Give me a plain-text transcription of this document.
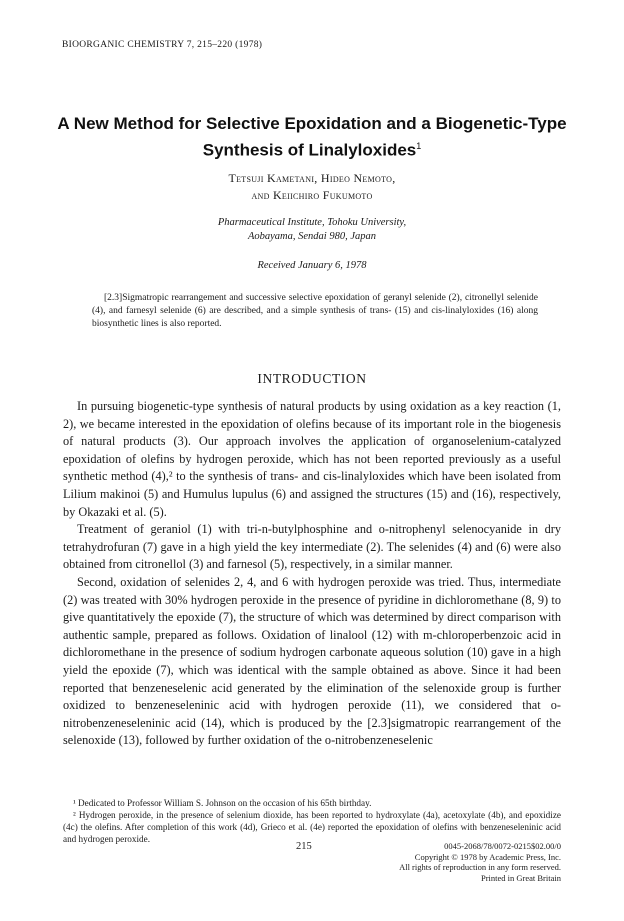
BIOORGANIC CHEMISTRY 7, 215–220 (1978)
A New Method for Selective Epoxidation and a Biogenetic-Type Synthesis of Linalyloxides$^1$
Tetsuji Kametani, Hideo Nemoto,
and Keiichiro Fukumoto
Pharmaceutical Institute, Tohoku University,
Aobayama, Sendai 980, Japan
Received January 6, 1978
[2.3]Sigmatropic rearrangement and successive selective epoxidation of geranyl selenide (2), citronellyl selenide (4), and farnesyl selenide (6) are described, and a simple synthesis of trans- (15) and cis-linalyloxides (16) along biosynthetic lines is also reported.
INTRODUCTION

In pursuing biogenetic-type synthesis of natural products by using oxidation as a key reaction (1, 2), we became interested in the epoxidation of olefins because of its important role in the biogenesis of natural products (3). Our approach involves the application of organoselenium-catalyzed epoxidation of olefins by hydrogen peroxide, which has not been reported previously as a useful synthetic method (4),² to the synthesis of trans- and cis-linalyloxides which have been isolated from Lilium makinoi (5) and Humulus lupulus (6) and assigned the structures (15) and (16), respectively, by Okazaki et al. (5).

Treatment of geraniol (1) with tri-n-butylphosphine and o-nitrophenyl selenocyanide in dry tetrahydrofuran (7) gave in a high yield the key intermediate (2). The selenides (4) and (6) were also obtained from citronellol (3) and farnesol (5), respectively, in a similar manner.

Second, oxidation of selenides 2, 4, and 6 with hydrogen peroxide was tried. Thus, intermediate (2) was treated with 30% hydrogen peroxide in the presence of pyridine in dichloromethane (8, 9) to give quantitatively the epoxide (7), the structure of which was determined by direct comparison with authentic sample, prepared as follows. Oxidation of linalool (12) with m-chloroperbenzoic acid in dichloromethane in the presence of sodium hydrogen carbonate aqueous solution (10) gave in a high yield the epoxide (7), which was identical with the sample obtained as above. Since it had been reported that benzeneselenic acid generated by the elimination of the selenoxide group is further oxidized to benzeneseleninic acid with hydrogen peroxide (11), we considered that o-nitrobenzeneseleninic acid (14), which is produced by the [2.3]sigmatropic rearrangement of the selenoxide (13), followed by further oxidation of the o-nitrobenzeneselenic

¹ Dedicated to Professor William S. Johnson on the occasion of his 65th birthday.

² Hydrogen peroxide, in the presence of selenium dioxide, has been reported to hydroxylate (4a), acetoxylate (4b), and epoxidize (4c) the olefins. After completion of this work (4d), Grieco et al. (4e) reported the epoxidation of olefins with benzeneseleninic acid and hydrogen peroxide.

215	0045-2068/78/0072-0215$02.00/0
Copyright © 1978 by Academic Press, Inc.
All rights of reproduction in any form reserved.
Printed in Great Britain
